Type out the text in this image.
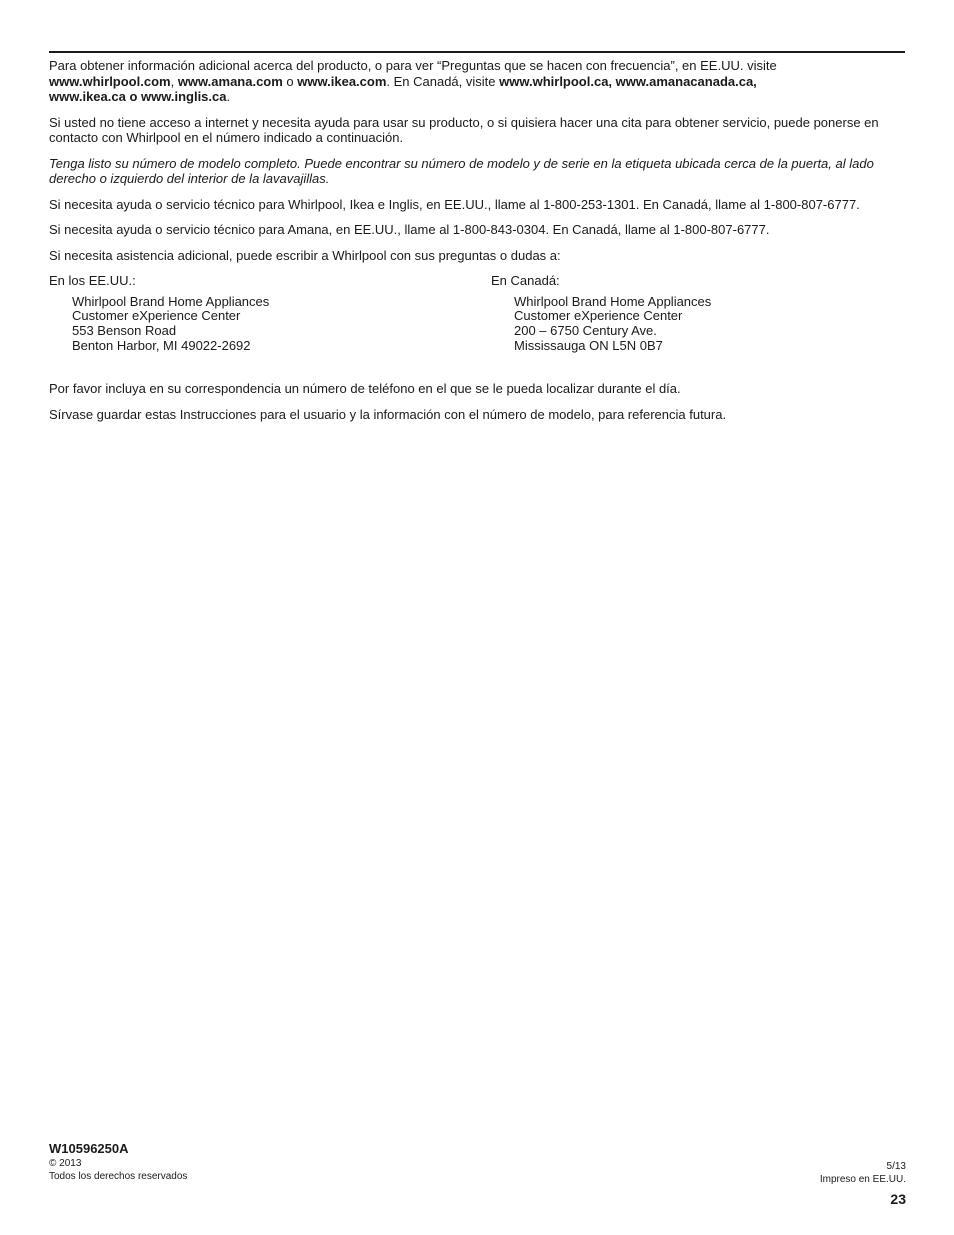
Para obtener información adicional acerca del producto, o para ver “Preguntas que se hacen con frecuencia”, en EE.UU. visite
www.whirlpool.com, www.amana.com o www.ikea.com. En Canadá, visite www.whirlpool.ca, www.amanacanada.ca,
www.ikea.ca o www.inglis.ca.

Si usted no tiene acceso a internet y necesita ayuda para usar su producto, o si quisiera hacer una cita para obtener servicio, puede ponerse en contacto con Whirlpool en el número indicado a continuación.

Tenga listo su número de modelo completo. Puede encontrar su número de modelo y de serie en la etiqueta ubicada cerca de la puerta, al lado derecho o izquierdo del interior de la lavavajillas.

Si necesita ayuda o servicio técnico para Whirlpool, Ikea e Inglis, en EE.UU., llame al 1-800-253-1301. En Canadá, llame al 1-800-807-6777.

Si necesita ayuda o servicio técnico para Amana, en EE.UU., llame al 1-800-843-0304. En Canadá, llame al 1-800-807-6777.

Si necesita asistencia adicional, puede escribir a Whirlpool con sus preguntas o dudas a:

En los EE.UU.:
Whirlpool Brand Home Appliances
Customer eXperience Center
553 Benson Road
Benton Harbor, MI 49022-2692
En Canadá:
Whirlpool Brand Home Appliances
Customer eXperience Center
200 – 6750 Century Ave.
Mississauga ON L5N 0B7

Por favor incluya en su correspondencia un número de teléfono en el que se le pueda localizar durante el día.

Sírvase guardar estas Instrucciones para el usuario y la información con el número de modelo, para referencia futura.

W10596250A
© 2013
Todos los derechos reservados
5/13
Impreso en EE.UU.
23
